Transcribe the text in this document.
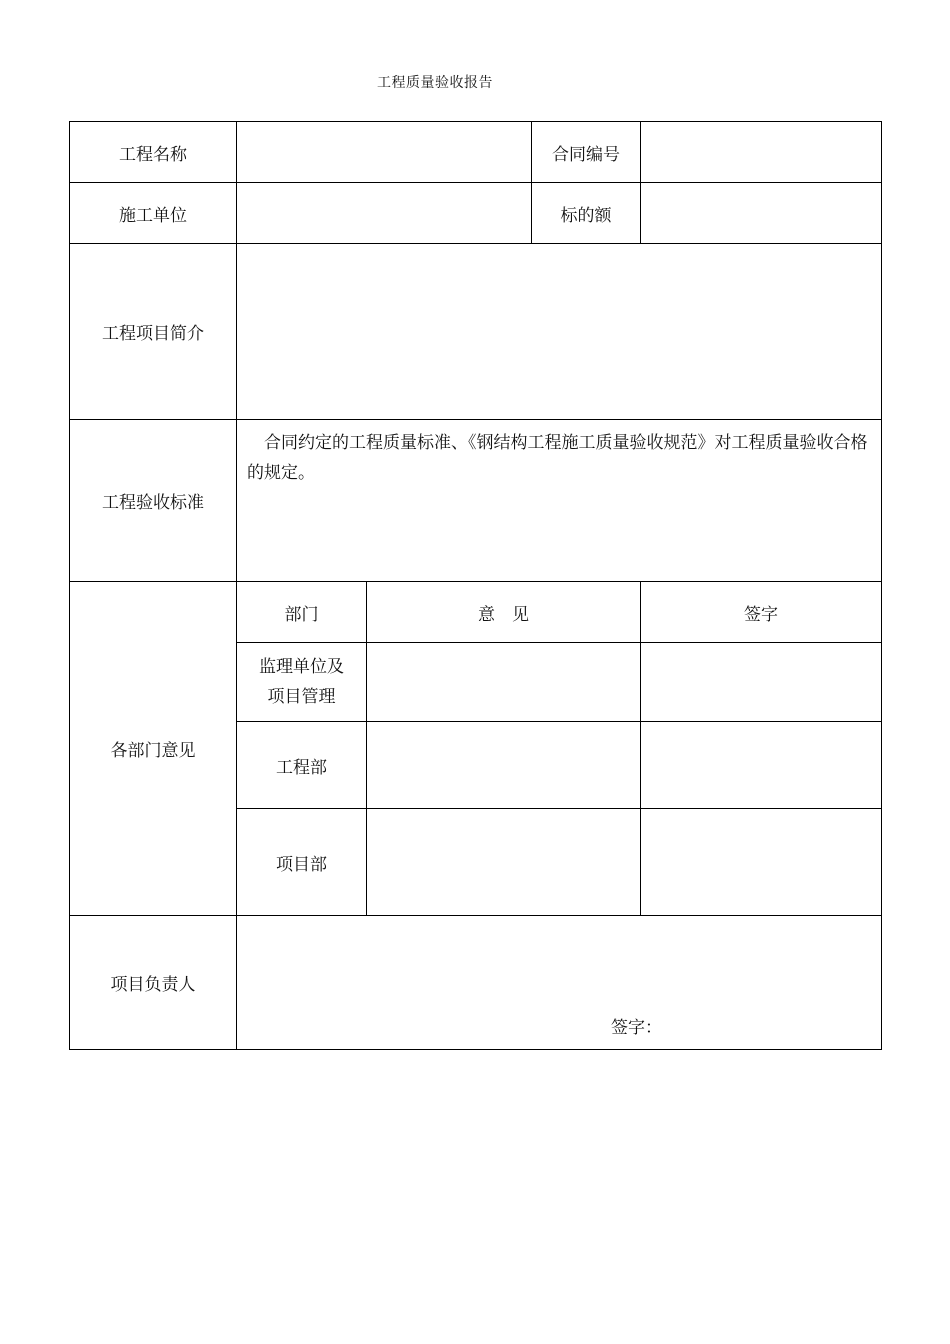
工程质量验收报告
工程名称			合同编号	
施工单位			标的额	
工程项目简介				
工程验收标准	合同约定的工程质量标准、《钢结构工程施工质量验收规范》对工程质量验收合格的规定。			
各部门意见	部门	意　见		签字
	监理单位及
项目管理			
	工程部			
	项目部			
项目负责人	签字：			
